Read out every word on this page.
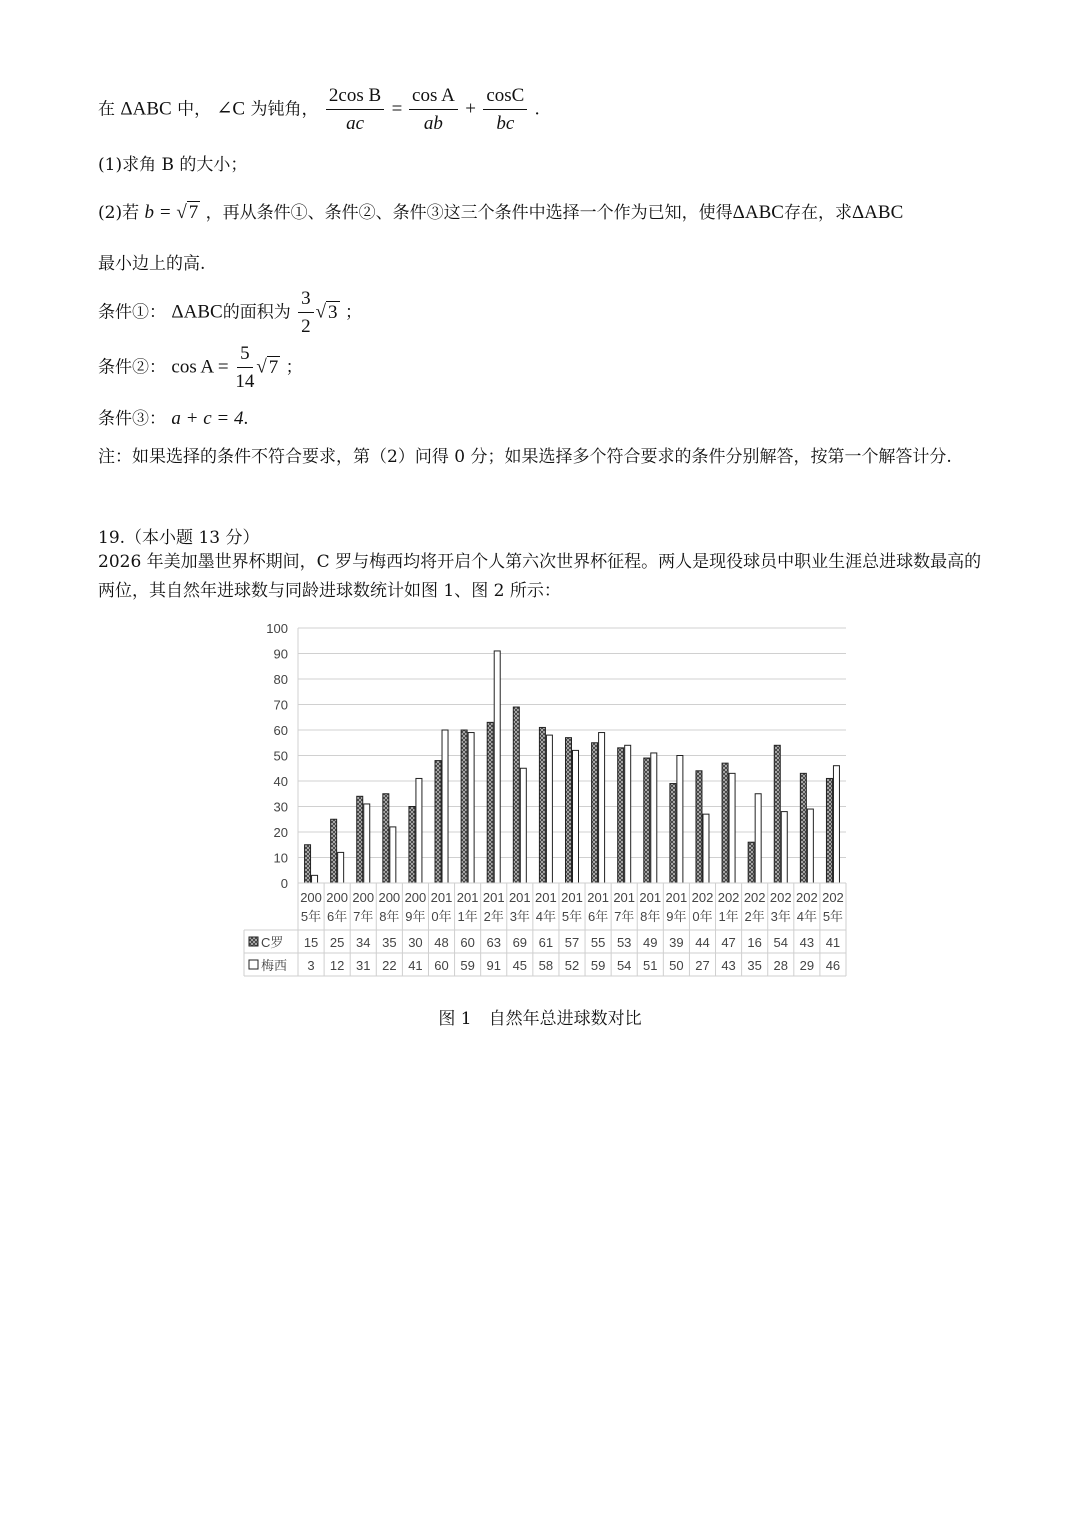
在 ΔABC 中， ∠C 为钝角， $\frac{\text{2cos B}}{ac} = \frac{\text{cos A}}{ab} + \frac{\cos C}{bc}$ .
(1)求角 B 的大小；
(2)若 b = √ 7 ，再从条件①、条件②、条件③这三个条件中选择一个作为已知，使得ΔABC存在，求ΔABC
最小边上的高.
条件①： ΔABC的面积为 $\frac{3}{2}$ √ 3 ；
条件②： $\cos A = \frac{5}{14}$ √ 7 ；
条件③： a + c = 4.
注：如果选择的条件不符合要求，第（2）问得 0 分；如果选择多个符合要求的条件分别解答，按第一个解答计分.
19.（本小题 13 分）
2026 年美加墨世界杯期间，C 罗与梅西均将开启个人第六次世界杯征程。两人是现役球员中职业生涯总进球数最高的两位，其自然年进球数与同龄进球数统计如图 1、图 2 所示：
0
10
20
30
40
50
60
70
80
90
100
200
5年
200
6年
200
7年
200
8年
200
9年
201
0年
201
1年
201
2年
201
3年
201
4年
201
5年
201
6年
201
7年
201
8年
201
9年
202
0年
202
1年
202
2年
202
3年
202
4年
202
5年
C罗 15 25 34 35 30 48 60 63 69 61 57 55 53 49 39 44 47 16 54 43 41
梅西 3 12 31 22 41 60 59 91 45 58 52 59 54 51 50 27 43 35 28 29 46
图 1　自然年总进球数对比
